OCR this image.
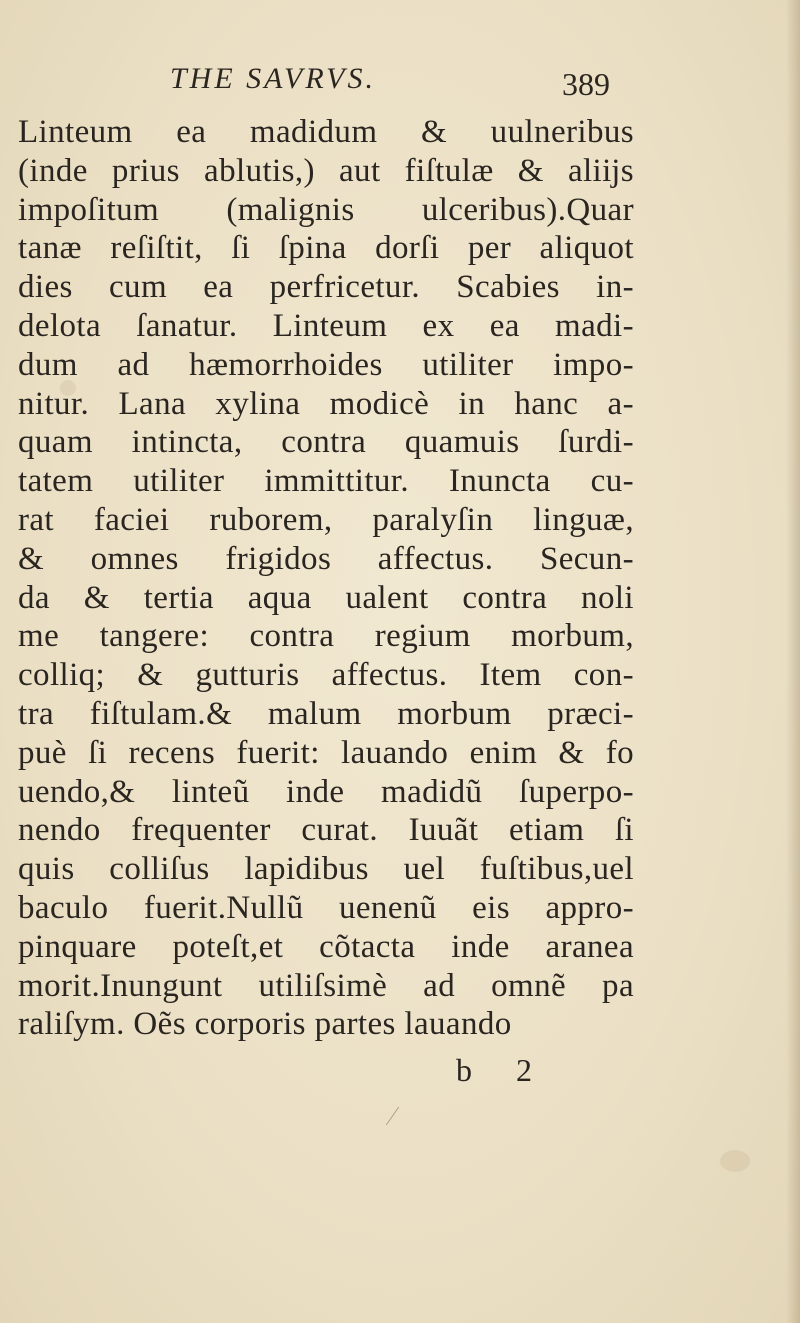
THE SAVRVS.	389
Linteum ea madidum & uulneribus
(inde prius ablutis,) aut fiſtulæ & aliĳs
impoſitum (malignis ulceribus).Quar
tanæ reſiſtit, ſi ſpina dorſi per aliquot
dies cum ea perfricetur. Scabies in-
delota ſanatur. Linteum ex ea madi-
dum ad hæmorrhoides utiliter impo-
nitur. Lana xylina modicè in hanc a-
quam intincta, contra quamuis ſurdi-
tatem utiliter immittitur. Inuncta cu-
rat faciei ruborem, paralyſin linguæ,
& omnes frigidos affectus. Secun-
da & tertia aqua ualent contra noli
me tangere: contra regium morbum,
colliq; & gutturis affectus. Item con-
tra fiſtulam.& malum morbum præci-
puè ſi recens fuerit: lauando enim & fo
uendo,& linteũ inde madidũ ſuperpo-
nendo frequenter curat. Iuuãt etiam ſi
quis colliſus lapidibus uel fuſtibus,uel
baculo fuerit.Nullũ uenenũ eis appro-
pinquare poteſt,et cõtacta inde aranea
morit.Inungunt utiliſsimè ad omnẽ pa
raliſym. Oẽs corporis partes lauando
b 2
